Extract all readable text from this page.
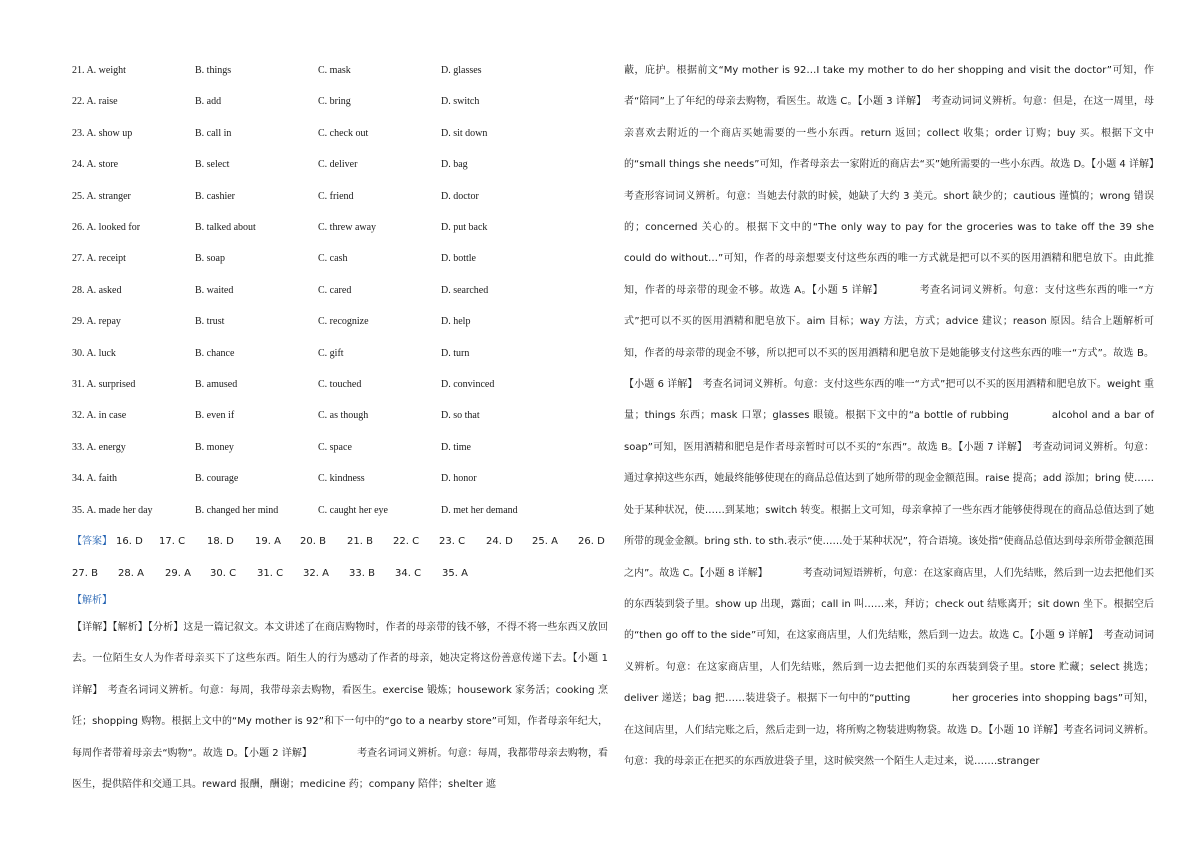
21. A. weight	B. things	C. mask	D. glasses
22. A. raise	B. add	C. bring	D. switch
23. A. show up	B. call in	C. check out	D. sit down
24. A. store	B. select	C. deliver	D. bag
25. A. stranger	B. cashier	C. friend	D. doctor
26. A. looked for	B. talked about	C. threw away	D. put back
27. A. receipt	B. soap	C. cash	D. bottle
28. A. asked	B. waited	C. cared	D. searched
29. A. repay	B. trust	C. recognize	D. help
30. A. luck	B. chance	C. gift	D. turn
31. A. surprised	B. amused	C. touched	D. convinced
32. A. in case	B. even if	C. as though	D. so that
33. A. energy	B. money	C. space	D. time
34. A. faith	B. courage	C. kindness	D. honor
35. A. made her day	B. changed her mind	C. caught her eye	D. met her demand
【答案】 16. D 17. C 18. D 19. A 20. B 21. B 22. C 23. C 24. D 25. A 26. D
27. B 28. A 29. A 30. C 31. C 32. A 33. B 34. C 35. A
【解析】
【详解】【解析】【分析】这是一篇记叙文。本文讲述了在商店购物时，作者的母亲带的钱不够，不得不将一些东西又放回去。一位陌生女人为作者母亲买下了这些东西。陌生人的行为感动了作者的母亲，她决定将这份善意传递下去。【小题 1 详解】　考查名词词义辨析。句意：每周，我带母亲去购物，看医生。exercise 锻炼；housework 家务活；cooking 烹饪；shopping 购物。根据上文中的“My mother is 92”和下一句中的“go to a nearby store”可知，作者母亲年纪大，每周作者带着母亲去“购物”。故选 D。【小题 2 详解】　　　　　考查名词词义辨析。句意：每周，我都带母亲去购物，看医生，提供陪伴和交通工具。reward 报酬，酬谢；medicine 药；company 陪伴；shelter 遮
蔽，庇护。根据前文“My mother is 92…I take my mother to do her shopping and visit the doctor”可知，作者“陪同”上了年纪的母亲去购物，看医生。故选 C。【小题 3 详解】　考查动词词义辨析。句意：但是，在这一周里，母亲喜欢去附近的一个商店买她需要的一些小东西。return 返回；collect 收集；order 订购；buy 买。根据下文中的“small things she needs”可知，作者母亲去一家附近的商店去“买”她所需要的一些小东西。故选 D。【小题 4 详解】　考查形容词词义辨析。句意：当她去付款的时候，她缺了大约 3 美元。short 缺少的；cautious 谨慎的；wrong 错误的；concerned 关心的。根据下文中的“The only way to pay for the groceries was to take off the 39 she could do without…”可知，作者的母亲想要支付这些东西的唯一方式就是把可以不买的医用酒精和肥皂放下。由此推知，作者的母亲带的现金不够。故选 A。【小题 5 详解】　　　　考查名词词义辨析。句意：支付这些东西的唯一“方式”把可以不买的医用酒精和肥皂放下。aim 目标；way 方法，方式；advice 建议；reason 原因。结合上题解析可知，作者的母亲带的现金不够，所以把可以不买的医用酒精和肥皂放下是她能够支付这些东西的唯一“方式”。故选 B。【小题 6 详解】　考查名词词义辨析。句意：支付这些东西的唯一“方式”把可以不买的医用酒精和肥皂放下。weight 重量；things 东西；mask 口罩；glasses 眼镜。根据下文中的“a bottle of rubbing　　　　alcohol and a bar of soap”可知，医用酒精和肥皂是作者母亲暂时可以不买的“东西”。故选 B。【小题 7 详解】　考查动词词义辨析。句意：通过拿掉这些东西，她最终能够使现在的商品总值达到了她所带的现金金额范围。raise 提高；add 添加；bring 使……处于某种状况，使……到某地；switch 转变。根据上文可知，母亲拿掉了一些东西才能够使得现在的商品总值达到了她所带的现金金额。bring sth. to sth.表示“使……处于某种状况”，符合语境。该处指“使商品总值达到母亲所带金额范围之内”。故选 C。【小题 8 详解】　　　　考查动词短语辨析，句意：在这家商店里，人们先结账，然后到一边去把他们买的东西装到袋子里。show up 出现，露面；call in 叫……来，拜访；check out 结账离开；sit down 坐下。根据空后的“then go off to the side”可知，在这家商店里，人们先结账，然后到一边去。故选 C。【小题 9 详解】　考查动词词义辨析。句意：在这家商店里，人们先结账，然后到一边去把他们买的东西装到袋子里。store 贮藏；select 挑选；deliver 递送；bag 把……装进袋子。根据下一句中的“putting　　　　her groceries into shopping bags”可知，在这间店里，人们结完账之后，然后走到一边，将所购之物装进购物袋。故选 D。【小题 10 详解】考查名词词义辨析。句意：我的母亲正在把买的东西放进袋子里，这时候突然一个陌生人走过来，说…….stranger
